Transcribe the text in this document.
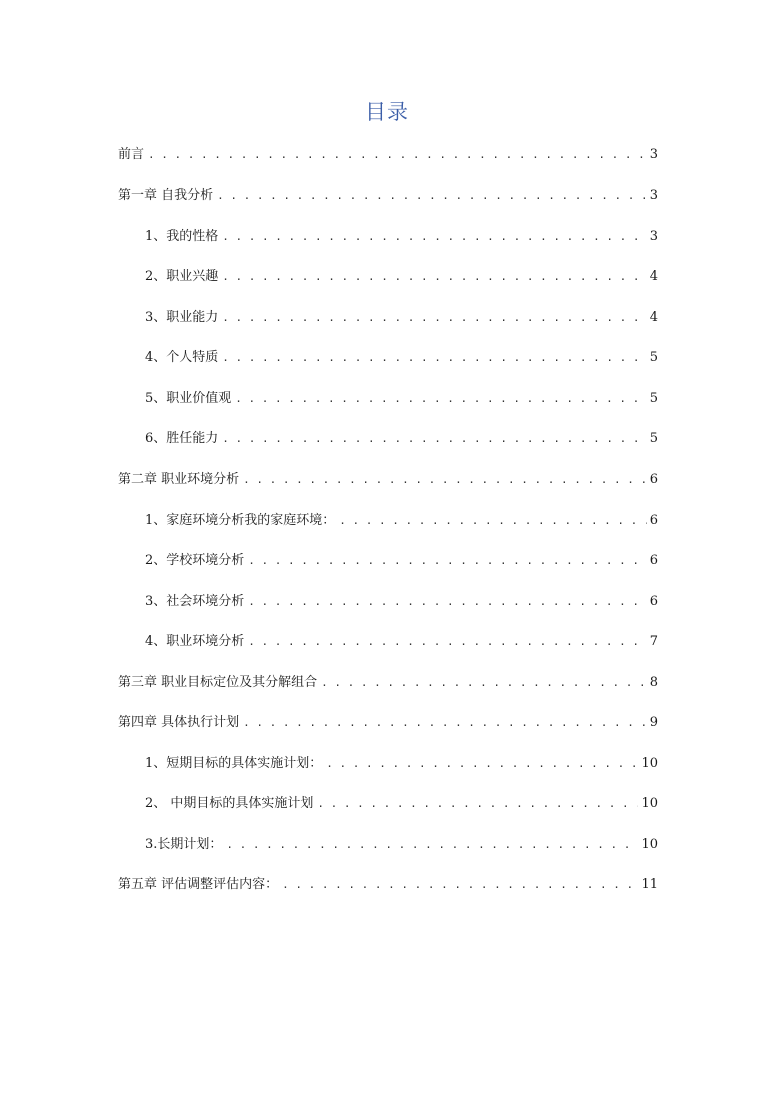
目录
前言 . . .	3
第一章 自我分析 . . .	3
1、我的性格 . . .	3
2、职业兴趣 . . .	4
3、职业能力 . . .	4
4、个人特质 . . .	5
5、职业价值观 . . .	5
6、胜任能力 . . .	5
第二章 职业环境分析 . . .	6
1、家庭环境分析我的家庭环境： . . .	6
2、学校环境分析 . . .	6
3、社会环境分析 . . .	6
4、职业环境分析 . . .	7
第三章 职业目标定位及其分解组合 . . .	8
第四章 具体执行计划 . . .	9
1、短期目标的具体实施计划： . . .	10
2、 中期目标的具体实施计划 . . .	10
3.长期计划： . . .	10
第五章 评估调整评估内容： . . .	11
